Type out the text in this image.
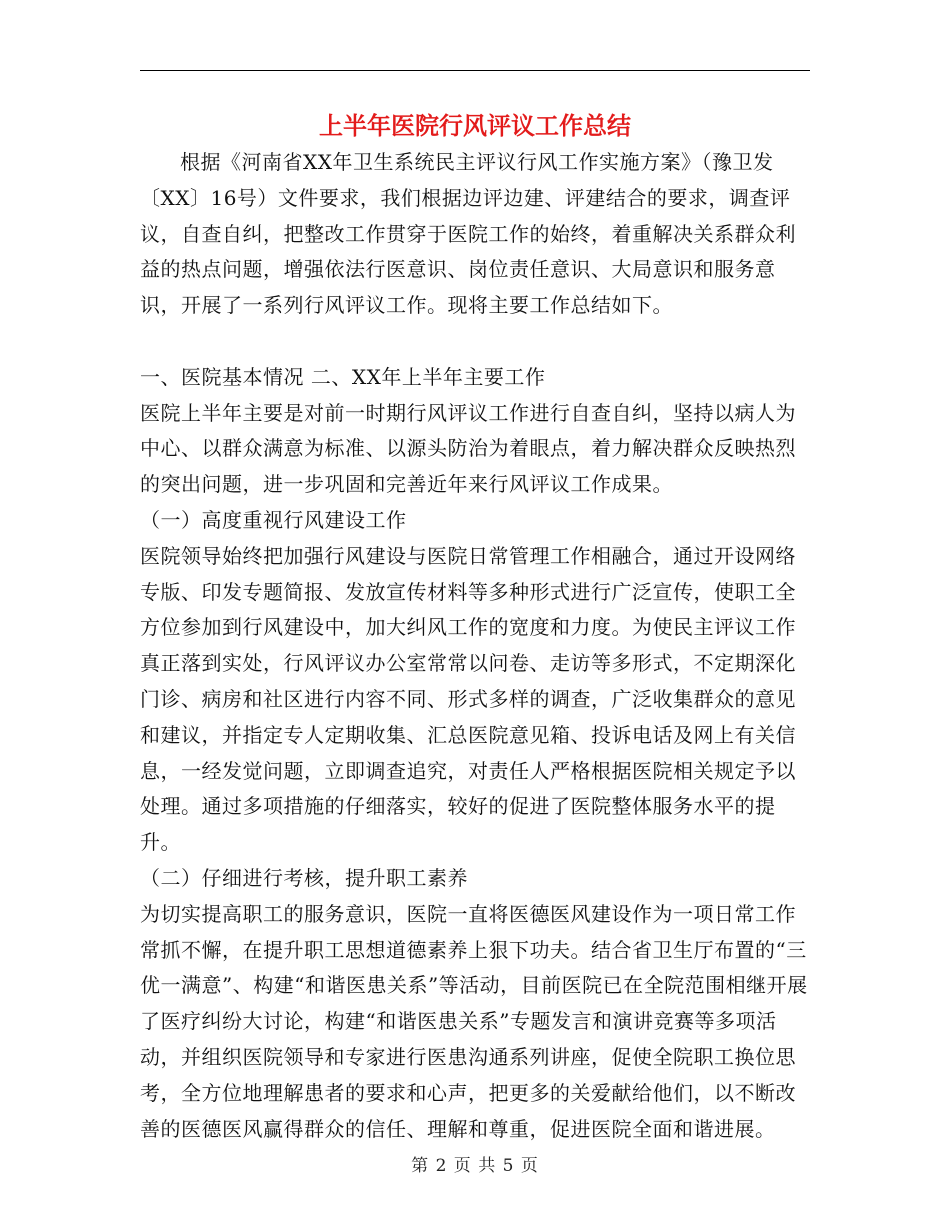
上半年医院行风评议工作总结

根据《河南省XX年卫生系统民主评议行风工作实施方案》（豫卫发〔XX〕16号）文件要求，我们根据边评边建、评建结合的要求，调查评议，自查自纠，把整改工作贯穿于医院工作的始终，着重解决关系群众利益的热点问题，增强依法行医意识、岗位责任意识、大局意识和服务意识，开展了一系列行风评议工作。现将主要工作总结如下。

一、医院基本情况 二、XX年上半年主要工作

医院上半年主要是对前一时期行风评议工作进行自查自纠，坚持以病人为中心、以群众满意为标准、以源头防治为着眼点，着力解决群众反映热烈的突出问题，进一步巩固和完善近年来行风评议工作成果。

（一）高度重视行风建设工作

医院领导始终把加强行风建设与医院日常管理工作相融合，通过开设网络专版、印发专题简报、发放宣传材料等多种形式进行广泛宣传，使职工全方位参加到行风建设中，加大纠风工作的宽度和力度。为使民主评议工作真正落到实处，行风评议办公室常常以问卷、走访等多形式，不定期深化门诊、病房和社区进行内容不同、形式多样的调查，广泛收集群众的意见和建议，并指定专人定期收集、汇总医院意见箱、投诉电话及网上有关信息，一经发觉问题，立即调查追究，对责任人严格根据医院相关规定予以处理。通过多项措施的仔细落实，较好的促进了医院整体服务水平的提升。

（二）仔细进行考核，提升职工素养

为切实提高职工的服务意识，医院一直将医德医风建设作为一项日常工作常抓不懈，在提升职工思想道德素养上狠下功夫。结合省卫生厅布置的“三优一满意”、构建“和谐医患关系”等活动，目前医院已在全院范围相继开展了医疗纠纷大讨论，构建“和谐医患关系”专题发言和演讲竞赛等多项活动，并组织医院领导和专家进行医患沟通系列讲座，促使全院职工换位思考，全方位地理解患者的要求和心声，把更多的关爱献给他们，以不断改善的医德医风赢得群众的信任、理解和尊重，促进医院全面和谐进展。

第 2 页 共 5 页
